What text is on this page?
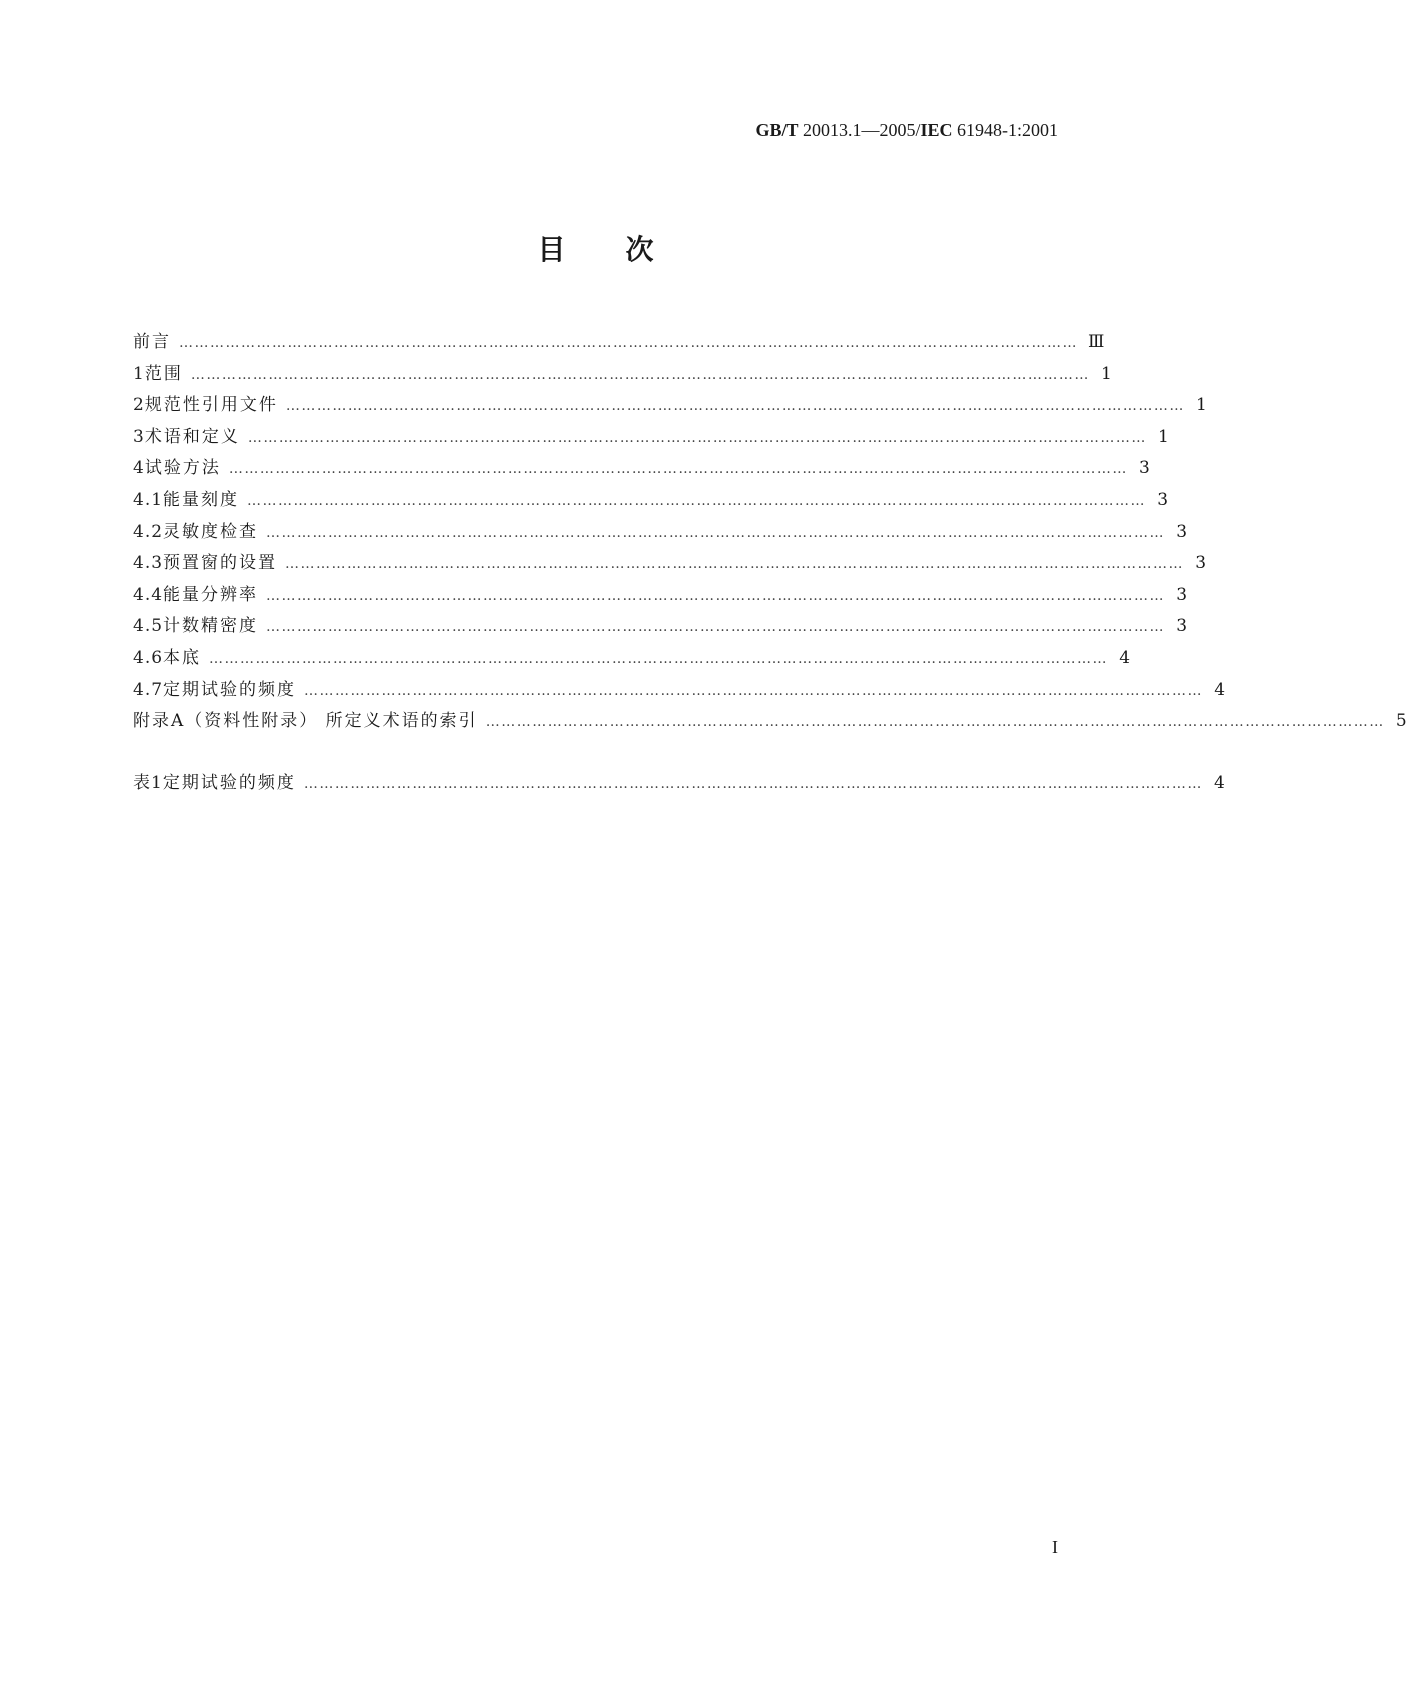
GB/T 20013.1—2005/IEC 61948-1:2001
目次
前言 ………………………………………………………………………………………………………………………………………………………… Ⅲ
1 范围 ………………………………………………………………………………………………………………………………………………………… 1
2 规范性引用文件 ………………………………………………………………………………………………………………………………………………………… 1
3 术语和定义 ………………………………………………………………………………………………………………………………………………………… 1
4 试验方法 ………………………………………………………………………………………………………………………………………………………… 3
4.1 能量刻度 ………………………………………………………………………………………………………………………………………………………… 3
4.2 灵敏度检查 ………………………………………………………………………………………………………………………………………………………… 3
4.3 预置窗的设置 ………………………………………………………………………………………………………………………………………………………… 3
4.4 能量分辨率 ………………………………………………………………………………………………………………………………………………………… 3
4.5 计数精密度 ………………………………………………………………………………………………………………………………………………………… 3
4.6 本底 ………………………………………………………………………………………………………………………………………………………… 4
4.7 定期试验的频度 ………………………………………………………………………………………………………………………………………………………… 4
附录A（资料性附录） 所定义术语的索引 ………………………………………………………………………………………………………………………………………………………… 5
表1 定期试验的频度 ………………………………………………………………………………………………………………………………………………………… 4
I
